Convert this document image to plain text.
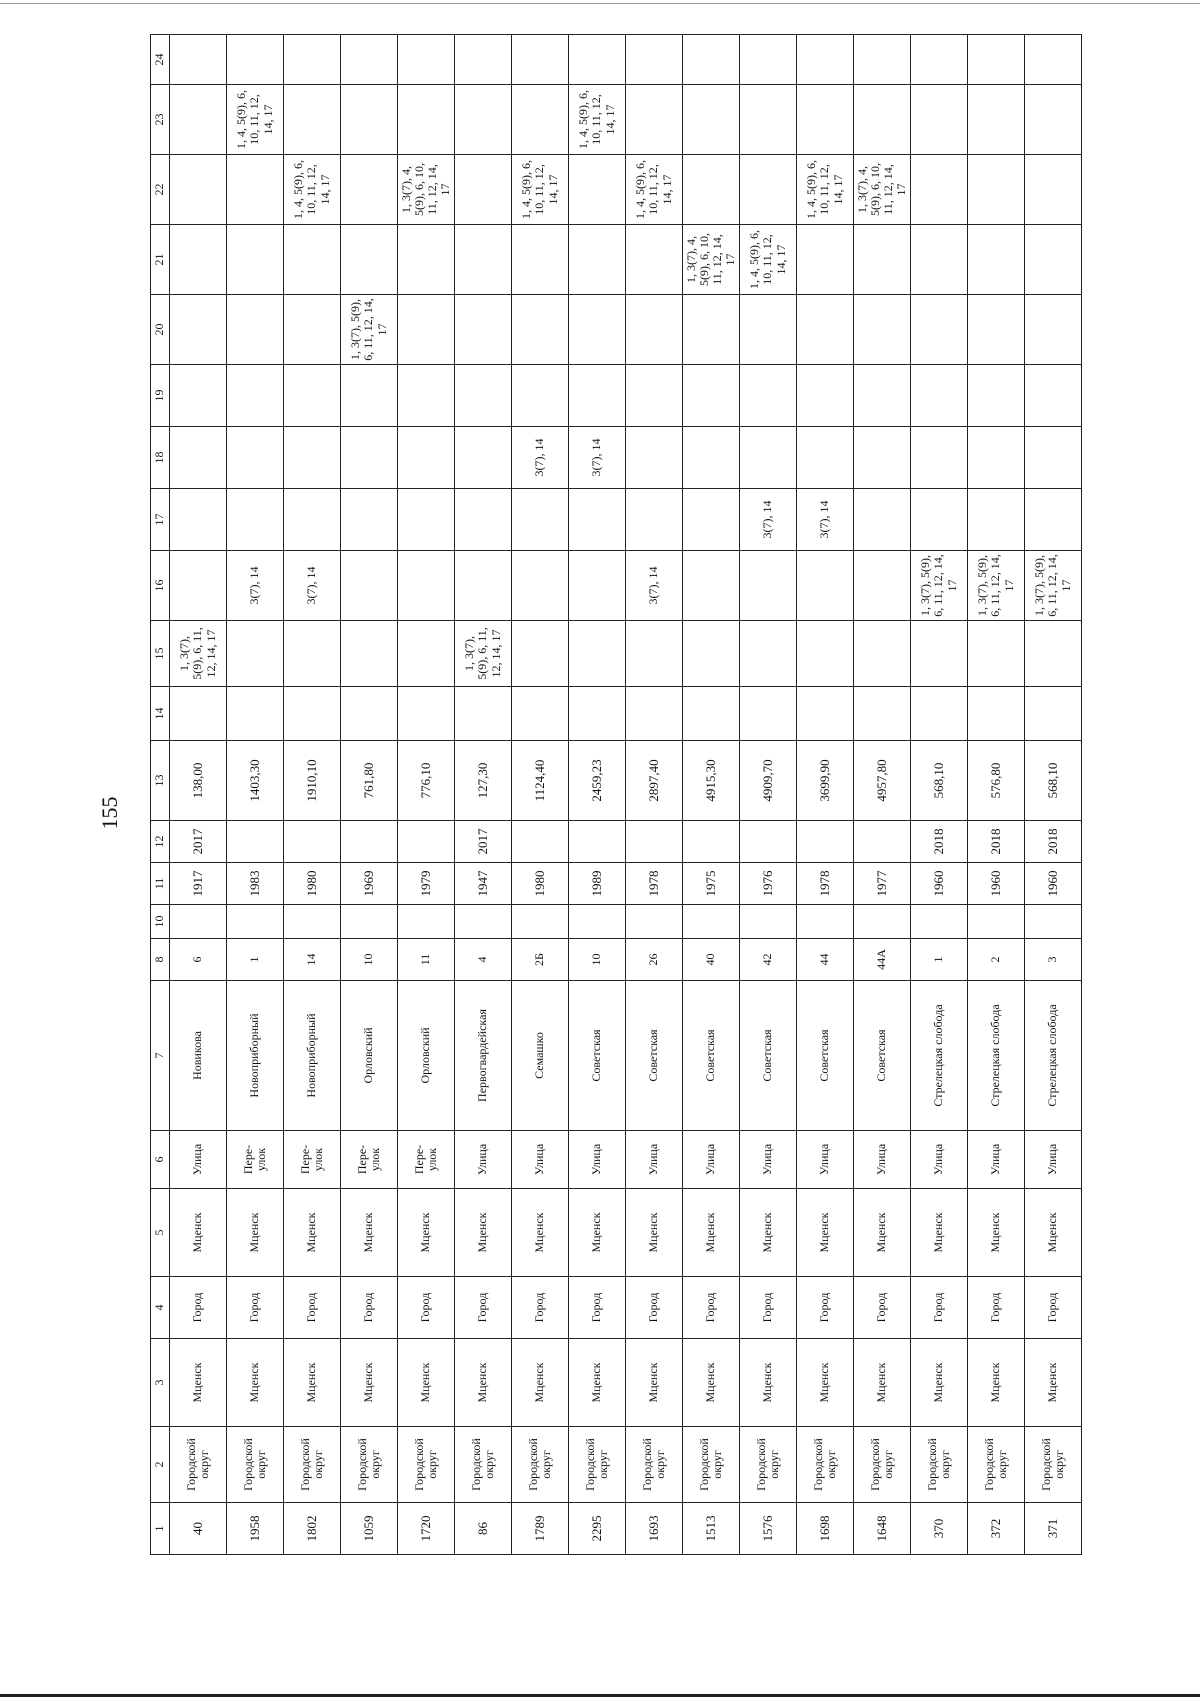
155
1	2	3	4	5	6	7	8	10	11	12	13	14	15	16	17	18	19	20	21	22	23	24
40	Городской округ	Мценск	Город	Мценск	Улица	Новикова	6		1917	2017	138,00		1, 3(7), 5(9), 6, 11, 12, 14, 17									
1958	Городской округ	Мценск	Город	Мценск	Пере-улок	Новоприборный	1		1983		1403,30			3(7), 14							1, 4, 5(9), 6, 10, 11, 12, 14, 17	
1802	Городской округ	Мценск	Город	Мценск	Пере-улок	Новоприборный	14		1980		1910,10			3(7), 14						1, 4, 5(9), 6, 10, 11, 12, 14, 17		
1059	Городской округ	Мценск	Город	Мценск	Пере-улок	Орловский	10		1969		761,80							1, 3(7), 5(9), 6, 11, 12, 14, 17				
1720	Городской округ	Мценск	Город	Мценск	Пере-улок	Орловский	11		1979		776,10									1, 3(7), 4, 5(9), 6, 10, 11, 12, 14, 17		
86	Городской округ	Мценск	Город	Мценск	Улица	Первогвардейская	4		1947	2017	127,30		1, 3(7), 5(9), 6, 11, 12, 14, 17									
1789	Городской округ	Мценск	Город	Мценск	Улица	Семашко	2Б		1980		1124,40					3(7), 14				1, 4, 5(9), 6, 10, 11, 12, 14, 17		
2295	Городской округ	Мценск	Город	Мценск	Улица	Советская	10		1989		2459,23					3(7), 14					1, 4, 5(9), 6, 10, 11, 12, 14, 17	
1693	Городской округ	Мценск	Город	Мценск	Улица	Советская	26		1978		2897,40			3(7), 14						1, 4, 5(9), 6, 10, 11, 12, 14, 17		
1513	Городской округ	Мценск	Город	Мценск	Улица	Советская	40		1975		4915,30								1, 3(7), 4, 5(9), 6, 10, 11, 12, 14, 17			
1576	Городской округ	Мценск	Город	Мценск	Улица	Советская	42		1976		4909,70				3(7), 14				1, 4, 5(9), 6, 10, 11, 12, 14, 17			
1698	Городской округ	Мценск	Город	Мценск	Улица	Советская	44		1978		3699,90				3(7), 14					1, 4, 5(9), 6, 10, 11, 12, 14, 17		
1648	Городской округ	Мценск	Город	Мценск	Улица	Советская	44А		1977		4957,80									1, 3(7), 4, 5(9), 6, 10, 11, 12, 14, 17		
370	Городской округ	Мценск	Город	Мценск	Улица	Стрелецкая слобода	1		1960	2018	568,10			1, 3(7), 5(9), 6, 11, 12, 14, 17								
372	Городской округ	Мценск	Город	Мценск	Улица	Стрелецкая слобода	2		1960	2018	576,80			1, 3(7), 5(9), 6, 11, 12, 14, 17								
371	Городской округ	Мценск	Город	Мценск	Улица	Стрелецкая слобода	3		1960	2018	568,10			1, 3(7), 5(9), 6, 11, 12, 14, 17								
